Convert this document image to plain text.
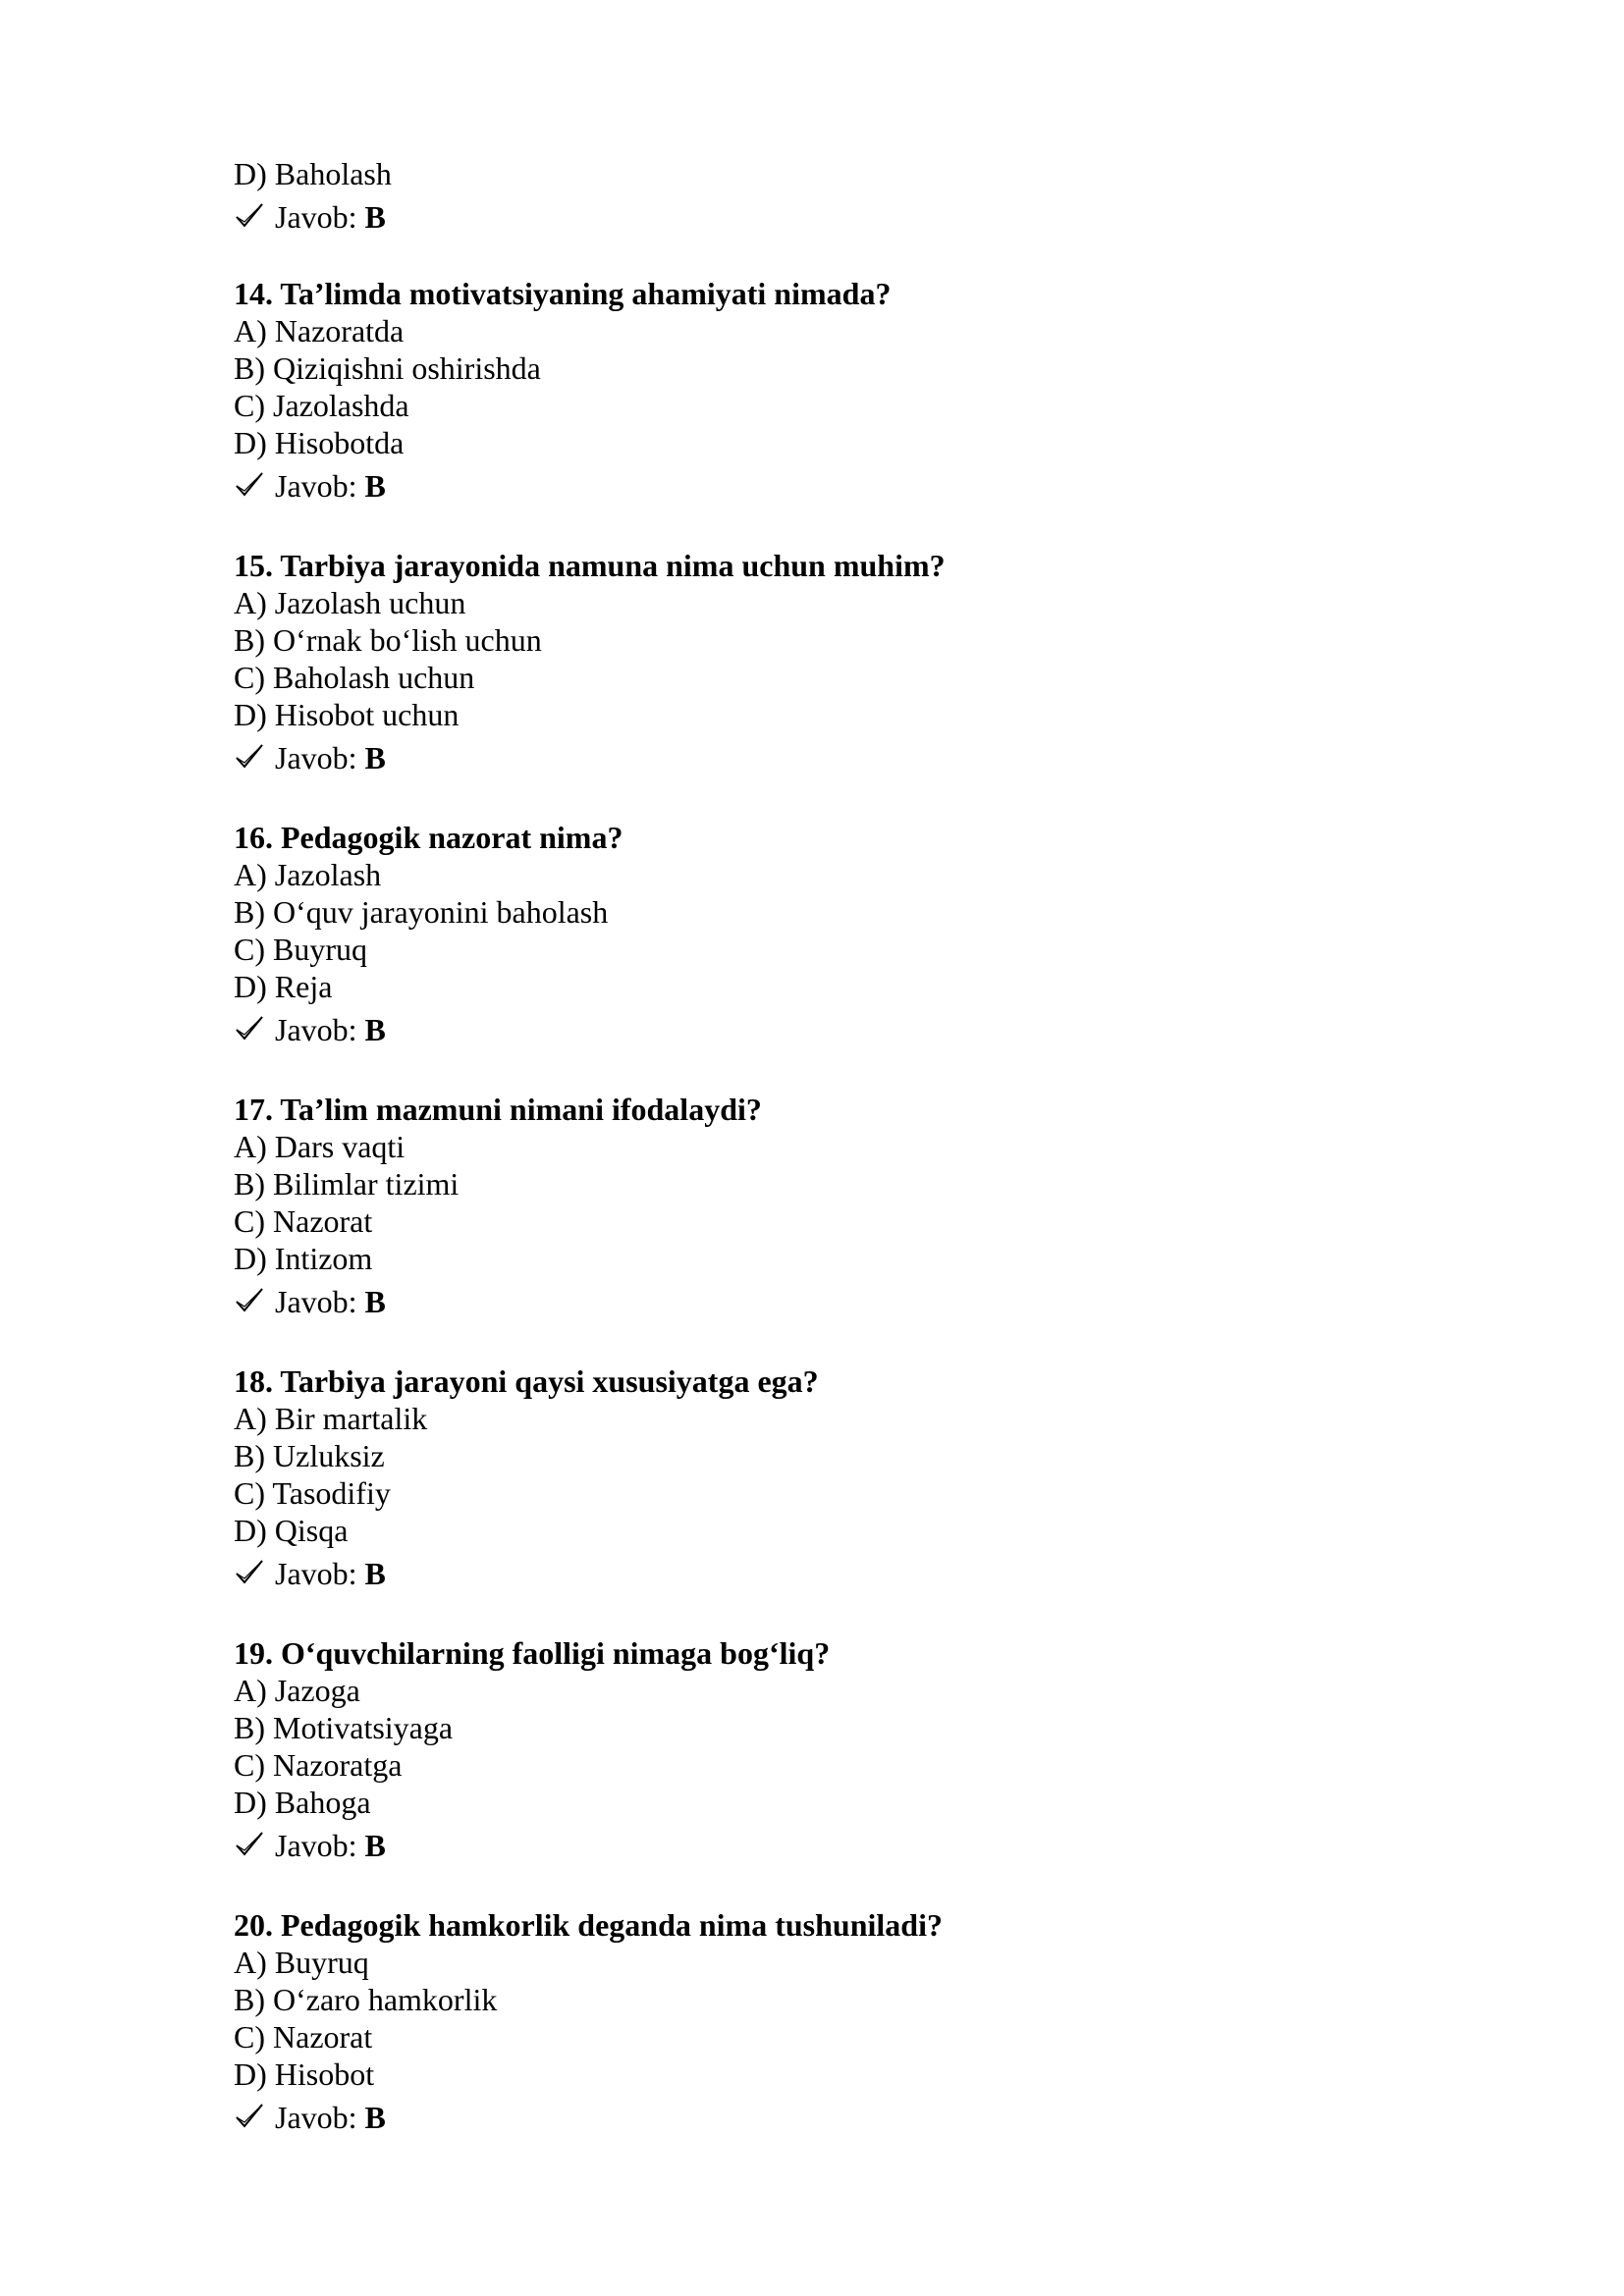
D) Baholash
Javob:
B
14. Ta’limda motivatsiyaning ahamiyati nimada?
A) Nazoratda
B) Qiziqishni oshirishda
C) Jazolashda
D) Hisobotda
Javob:
B
15. Tarbiya jarayonida namuna nima uchun muhim?
A) Jazolash uchun
B) O‘rnak bo‘lish uchun
C) Baholash uchun
D) Hisobot uchun
Javob:
B
16. Pedagogik nazorat nima?
A) Jazolash
B) O‘quv jarayonini baholash
C) Buyruq
D) Reja
Javob:
B
17. Ta’lim mazmuni nimani ifodalaydi?
A) Dars vaqti
B) Bilimlar tizimi
C) Nazorat
D) Intizom
Javob:
B
18. Tarbiya jarayoni qaysi xususiyatga ega?
A) Bir martalik
B) Uzluksiz
C) Tasodifiy
D) Qisqa
Javob:
B
19. O‘quvchilarning faolligi nimaga bog‘liq?
A) Jazoga
B) Motivatsiyaga
C) Nazoratga
D) Bahoga
Javob:
B
20. Pedagogik hamkorlik deganda nima tushuniladi?
A) Buyruq
B) O‘zaro hamkorlik
C) Nazorat
D) Hisobot
Javob:
B
